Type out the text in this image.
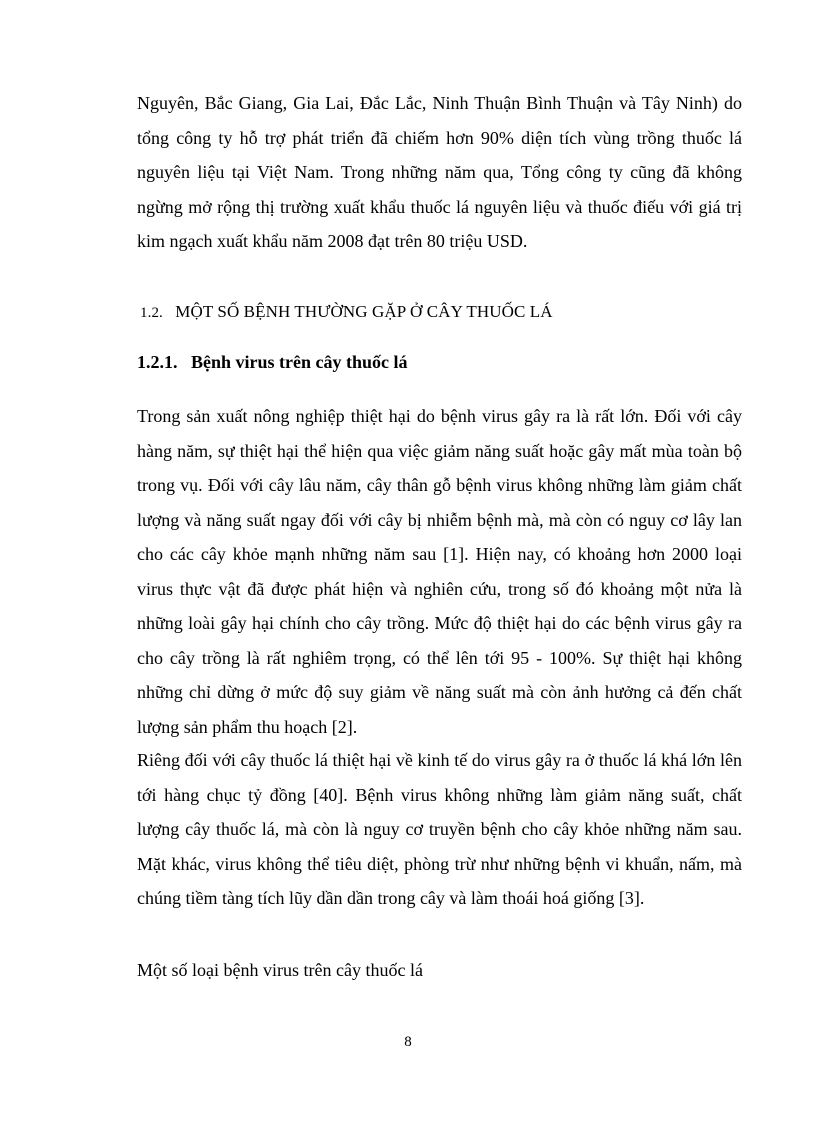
Nguyên, Bắc Giang, Gia Lai, Đắc Lắc, Ninh Thuận Bình Thuận và Tây Ninh) do tổng công ty hỗ trợ phát triển đã chiếm hơn 90% diện tích vùng trồng thuốc lá nguyên liệu tại Việt Nam. Trong những năm qua, Tổng công ty cũng đã không ngừng mở rộng thị trường xuất khẩu thuốc lá nguyên liệu và thuốc điếu với giá trị kim ngạch xuất khẩu năm 2008 đạt trên 80 triệu USD.

1.2. MỘT SỐ BỆNH THƯỜNG GẶP Ở CÂY THUỐC LÁ
1.2.1. Bệnh virus trên cây thuốc lá

Trong sản xuất nông nghiệp thiệt hại do bệnh virus gây ra là rất lớn. Đối với cây hàng năm, sự thiệt hại thể hiện qua việc giảm năng suất hoặc gây mất mùa toàn bộ trong vụ. Đối với cây lâu năm, cây thân gỗ bệnh virus không những làm giảm chất lượng và năng suất ngay đối với cây bị nhiễm bệnh mà, mà còn có nguy cơ lây lan cho các cây khỏe mạnh những năm sau [1]. Hiện nay, có khoảng hơn 2000 loại virus thực vật đã được phát hiện và nghiên cứu, trong số đó khoảng một nửa là những loài gây hại chính cho cây trồng. Mức độ thiệt hại do các bệnh virus gây ra cho cây trồng là rất nghiêm trọng, có thể lên tới 95 - 100%. Sự thiệt hại không những chỉ dừng ở mức độ suy giảm về năng suất mà còn ảnh hưởng cả đến chất lượng sản phẩm thu hoạch [2].

Riêng đối với cây thuốc lá thiệt hại về kinh tế do virus gây ra ở thuốc lá khá lớn lên tới hàng chục tỷ đồng [40]. Bệnh virus không những làm giảm năng suất, chất lượng cây thuốc lá, mà còn là nguy cơ truyền bệnh cho cây khỏe những năm sau. Mặt khác, virus không thể tiêu diệt, phòng trừ như những bệnh vi khuẩn, nấm, mà chúng tiềm tàng tích lũy dần dần trong cây và làm thoái hoá giống [3].

Một số loại bệnh virus trên cây thuốc lá

8
